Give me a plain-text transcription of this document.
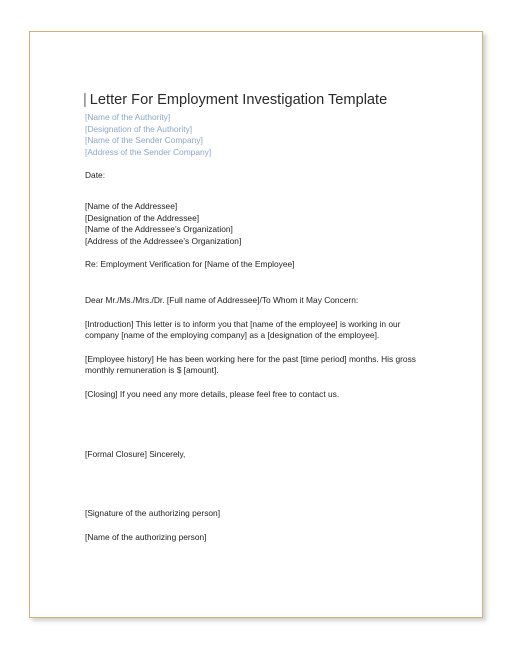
| Letter For Employment Investigation Template
[Name of the Authority]
[Designation of the Authority]
[Name of the Sender Company]
[Address of the Sender Company]
Date:
[Name of the Addressee]
[Designation of the Addressee]
[Name of the Addressee’s Organization]
[Address of the Addressee’s Organization]
Re: Employment Verification for [Name of the Employee]
Dear Mr./Ms./Mrs./Dr. [Full name of Addressee]/To Whom it May Concern:
[Introduction] This letter is to inform you that [name of the employee] is working in our company [name of the employing company] as a [designation of the employee].
[Employee history] He has been working here for the past [time period] months. His gross monthly remuneration is $ [amount].
[Closing] If you need any more details, please feel free to contact us.
[Formal Closure] Sincerely,
[Signature of the authorizing person]
[Name of the authorizing person]
